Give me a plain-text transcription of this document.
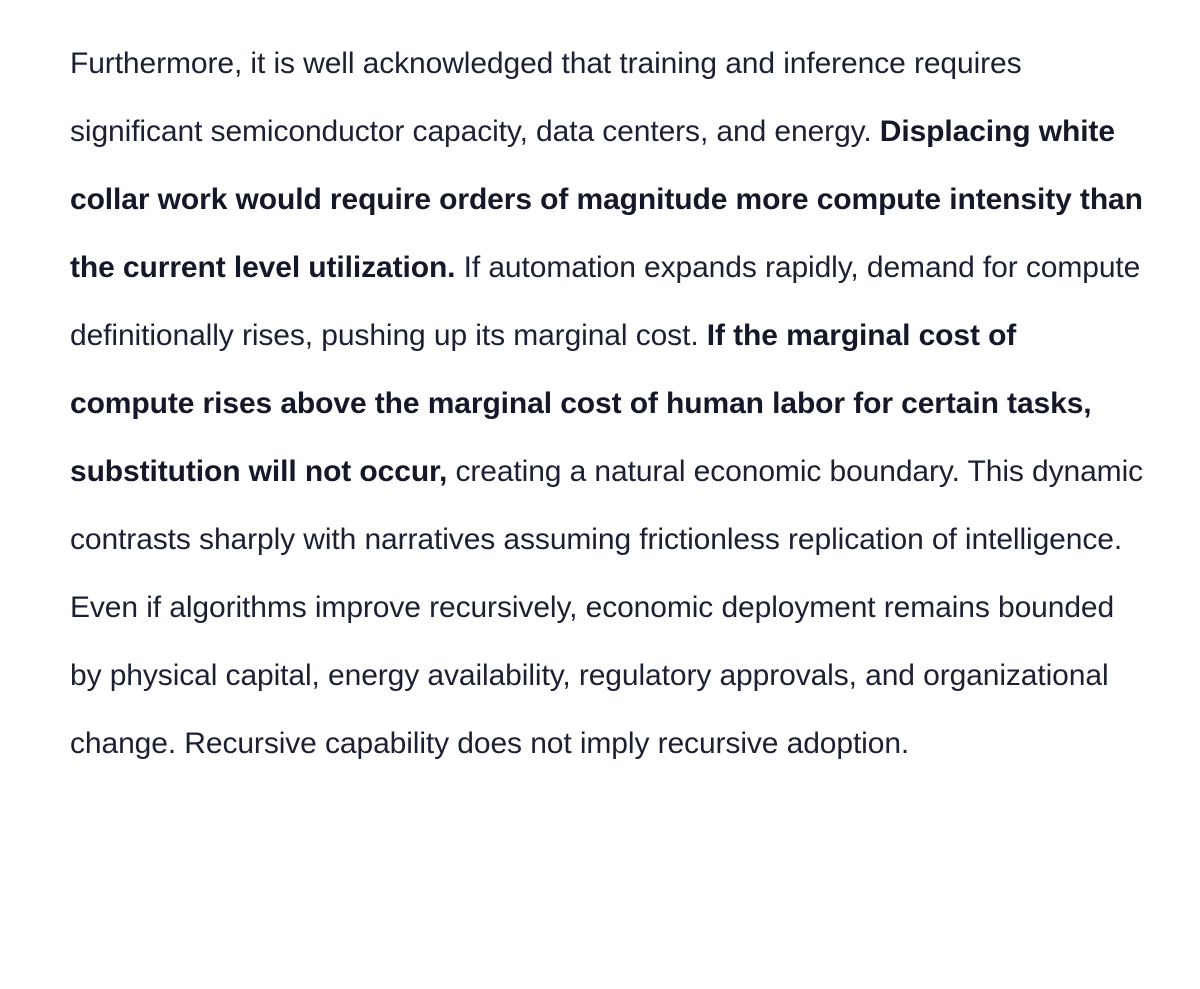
Furthermore, it is well acknowledged that training and inference requires significant semiconductor capacity, data centers, and energy. Displacing white collar work would require orders of magnitude more compute intensity than the current level utilization. If automation expands rapidly, demand for compute definitionally rises, pushing up its marginal cost. If the marginal cost of compute rises above the marginal cost of human labor for certain tasks, substitution will not occur, creating a natural economic boundary. This dynamic contrasts sharply with narratives assuming frictionless replication of intelligence. Even if algorithms improve recursively, economic deployment remains bounded by physical capital, energy availability, regulatory approvals, and organizational change. Recursive capability does not imply recursive adoption.
